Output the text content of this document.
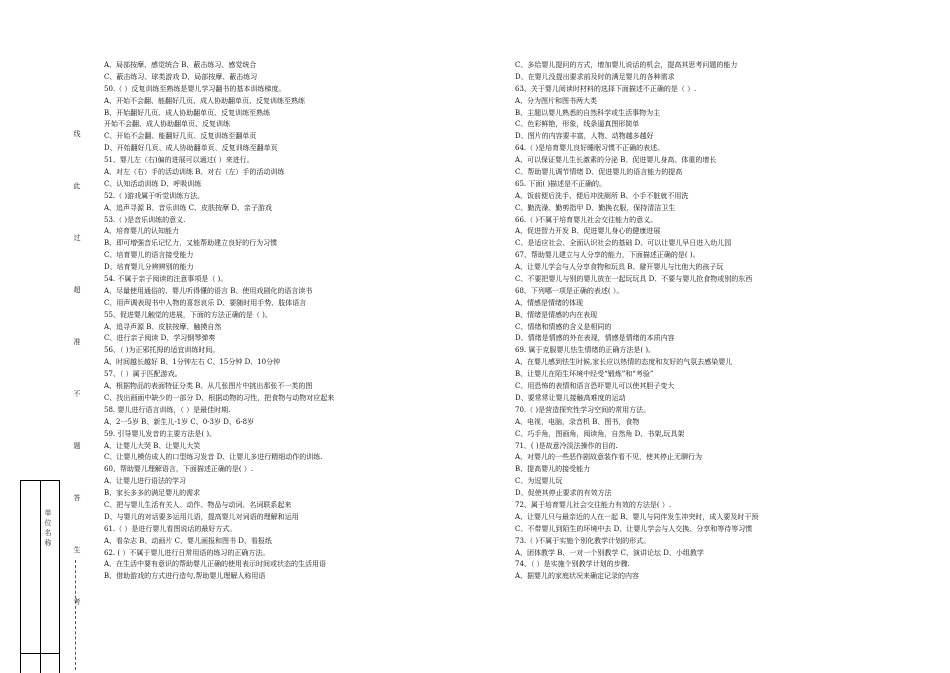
线
此
过
超
准
不
题
答
生
考
单位名称
A、局部按摩、感觉统合 B、蔽击练习、感觉统合
C、蔽击练习、球类游戏 D、局部按摩、蔽击练习
50.（ ）反复训练至熟练是婴儿学习翻书的基本训练梯度。
A、开始不会翻、能翻好几页、成人协助翻单页、反复训练至熟练
B、开始翻好几页、成人协助翻单页、反复训练至熟练
开始不会翻、成人协助翻单页、反复训练
C、开始不会翻、能翻好几页、反复训练至翻单页
D、开始翻好几页、成人协助翻单页、反复训练至翻单页
51、婴儿左（右)偏的进展可以通过( ）来进行。
A、对左（右）手的活动训练 B、对右（左）手的活动训练
C、认知活动训练 D、呼吸训练
52.（ )游戏属于听觉训练方法。
A、追声寻源 B、音乐训练 C、皮肤按摩 D、亲子游戏
53.（ )是音乐训练的意义.
A、培育婴儿的认知能力
B、即可增强音乐记忆力，又能帮助建立良好的行为习惯
C、培育婴儿的语言接受能力
D、培育婴儿分辨辨别的能力
54. 不属于亲子阅读的注意事项是（ )。
A、尽量使用通俗的、婴儿听得懂的语言 B、使用戏剧化的语言读书
C、用声调表现书中人物的喜怒哀乐 D、要随时用手势、肢体语言
55、促进婴儿触觉的进展，下面的方法正确的是（ )。
A、追寻声源 B、皮肤按摩、触摸自然
C、进行亲子阅读 D、学习钢琴弹奏
56、（ )为正邪托拇的适宜训练时间。
A、时间越长越好 B、1分钟左右 C、15分钟 D、10分钟
57、（ ）属于匹配游戏。
A、根据物品的表面特征分类 B、从几张图片中挑出那张不一类的图
C、找出画面中缺少的一部分 D、根据动物的习性，把食物与动物对应起来
58. 婴儿进行语言训练，（ ）是最佳时期.
A、2一5岁 B、新生儿-1岁 C、0-3岁 D、6-8岁
59. 引导婴儿发音的主要方法是( )。
A、让婴儿大哭 B、让婴儿大笑
C、让婴儿模仿成人的口型练习发音 D、让婴儿多进行精细动作的训练.
60、帮助婴儿理解语言，下面描述正确的是( ）.
A、让婴儿进行语法的学习
B、家长多多的满足婴儿的需求
C、把与婴儿生活有关人、动作、物品与动词、名词联系起来
D、与婴儿的对话要多运用儿语，提高婴儿对词语的理解和运用
61.（ ）是进行婴儿看图说话的最好方式。
A、看杂志 B、动画片 C、婴儿画报和图书 D、看报纸
62. ( ）不属于婴儿进行日常用语的练习的正确方法。
A、在生活中要有意识的帮助婴儿正确的使用表示时间或状态的生活用语
B、借助游戏的方式进行造句,帮助婴儿理解人称用语
C、多给婴儿提问的方式，增加婴儿说话的机会，提高其思考问题的能力
D、在婴儿没提出要求前及时的满足婴儿的各种需求
63、关于婴儿阅读时材料的选择下面描述不正确的是（ ）.
A、分为图片和图书两大类
B、主题以婴儿熟悉的自然科学或生活事物为主
C、色彩鲜艳，形象，线条逼真图形简单
D、图片的内容要丰富，人物、动物越多越好
64.（ )是培育婴儿良好睡眠习惯不正确的表述。
A、可以保证婴儿生长激素的分泌 B、促进婴儿身高、体重的增长
C、帮助婴儿调节情绪 D、促进婴儿的语言能力的提高
65. 下面( )描述是不正确的。
A、饭前便后洗手、便后冲洗厕所 B、小手不脏就不用洗
C、勤洗澡、勤剪指甲 D、勤换衣服，保持清洁卫生
66.（ )不属于培育婴儿社会交往能力的意义。
A、促进智力开发 B、促进婴儿身心的健康进展
C、是适应社会、全面认识社会的基础 D、可以让婴儿早日进入幼儿园
67、帮助婴儿建立与人分享的能力，下面描述正确的是( )。
A、让婴儿学会与人分享食物和玩具 B、避开婴儿与比他大的孩子玩
C、不要把婴儿与别的婴儿放在一起玩玩具 D、不要与婴儿抢食物或别的东西
68、下列哪一项是正确的表述( ）。
A、情感是情绪的体现
B、情绪是情感的内在表现
C、情绪和情感的含义是相同的
D、情绪是情感的外在表现，情感是情绪的本质内容
69. 属于克服婴儿怯生情绪的正确方法是( )。
A、在婴儿感到怯生时候,家长应以热情的态度和友好的气氛去感染婴儿
B、让婴儿在陌生环境中经受“锻炼”和“考验”
C、用恐怖的表情和语言恐吓婴儿可以使其胆子变大
D、要常常让婴儿接触高难度的运动
70.（ )是营造探究性学习空间的常用方法。
A、电视，电脑，录音机 B、图书，食物
C、巧手角，图画角，阅读角，自然角 D、书架,玩具架
71、( )是故意冷淡法操作的目的.
A、对婴儿的一些恶作剧故意装作看不见，使其停止无聊行为
B、提高婴儿的接受能力
C、为逗婴儿玩
D、促使其停止要求的有效方法
72、属于培育婴儿社会交往能力有效的方法是( ）.
A、让婴儿只与最亲近的人在一起 B、婴儿与同伴发生冲突时，成人要及时干预
C、不带婴儿到陌生的环境中去 D、让婴儿学会与人交换、分享和等待等习惯
73.（ )不属于实施个别化教学计划的形式。
A、团体教学 B、一对一个别教学 C、演讲论坛 D、小组教学
74、（ ）是实施个别教学计划的步骤.
A、据婴儿的家庭状况来确定记录的内容
